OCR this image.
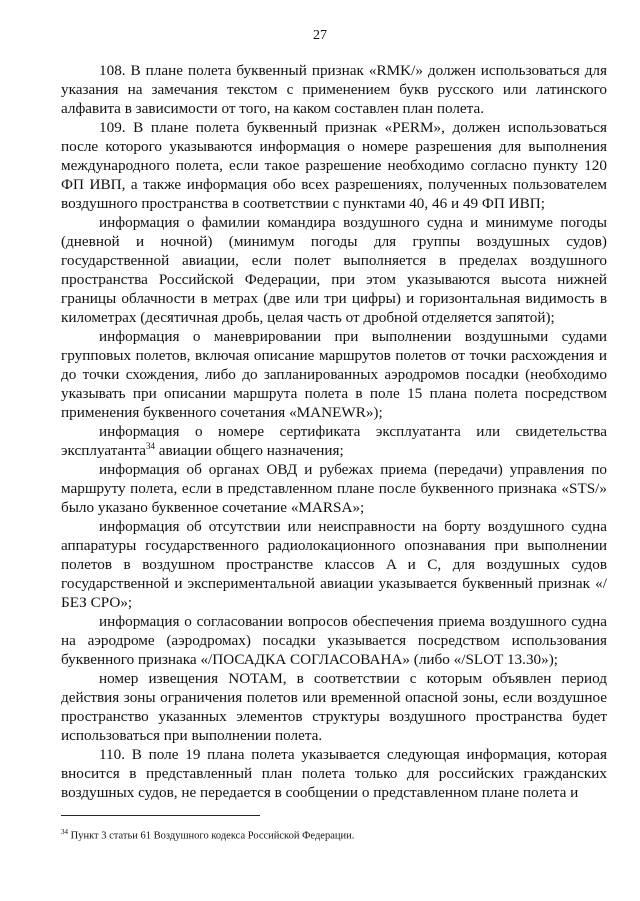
27

108. В плане полета буквенный признак «RMK/» должен использоваться для указания на замечания текстом с применением букв русского или латинского алфавита в зависимости от того, на каком составлен план полета.

109. В плане полета буквенный признак «PERM», должен использоваться после которого указываются информация о номере разрешения для выполнения международного полета, если такое разрешение необходимо согласно пункту 120 ФП ИВП, а также информация обо всех разрешениях, полученных пользователем воздушного пространства в соответствии с пунктами 40, 46 и 49 ФП ИВП;

информация о фамилии командира воздушного судна и минимуме погоды (дневной и ночной) (минимум погоды для группы воздушных судов) государственной авиации, если полет выполняется в пределах воздушного пространства Российской Федерации, при этом указываются высота нижней границы облачности в метрах (две или три цифры) и горизонтальная видимость в километрах (десятичная дробь, целая часть от дробной отделяется запятой);

информация о маневрировании при выполнении воздушными судами групповых полетов, включая описание маршрутов полетов от точки расхождения и до точки схождения, либо до запланированных аэродромов посадки (необходимо указывать при описании маршрута полета в поле 15 плана полета посредством применения буквенного сочетания «MANEWR»);

информация о номере сертификата эксплуатанта или свидетельства эксплуатанта$^{34}$ авиации общего назначения;

информация об органах ОВД и рубежах приема (передачи) управления по маршруту полета, если в представленном плане после буквенного признака «STS/» было указано буквенное сочетание «MARSA»;

информация об отсутствии или неисправности на борту воздушного судна аппаратуры государственного радиолокационного опознавания при выполнении полетов в воздушном пространстве классов A и C, для воздушных судов государственной и экспериментальной авиации указывается буквенный признак «/БЕЗ СРО»;

информация о согласовании вопросов обеспечения приема воздушного судна на аэродроме (аэродромах) посадки указывается посредством использования буквенного признака «/ПОСАДКА СОГЛАСОВАНА» (либо «/SLOT 13.30»);

номер извещения NOTAM, в соответствии с которым объявлен период действия зоны ограничения полетов или временной опасной зоны, если воздушное пространство указанных элементов структуры воздушного пространства будет использоваться при выполнении полета.

110. В поле 19 плана полета указывается следующая информация, которая вносится в представленный план полета только для российских гражданских воздушных судов, не передается в сообщении о представленном плане полета и

$^{34}$ Пункт 3 статьи 61 Воздушного кодекса Российской Федерации.
